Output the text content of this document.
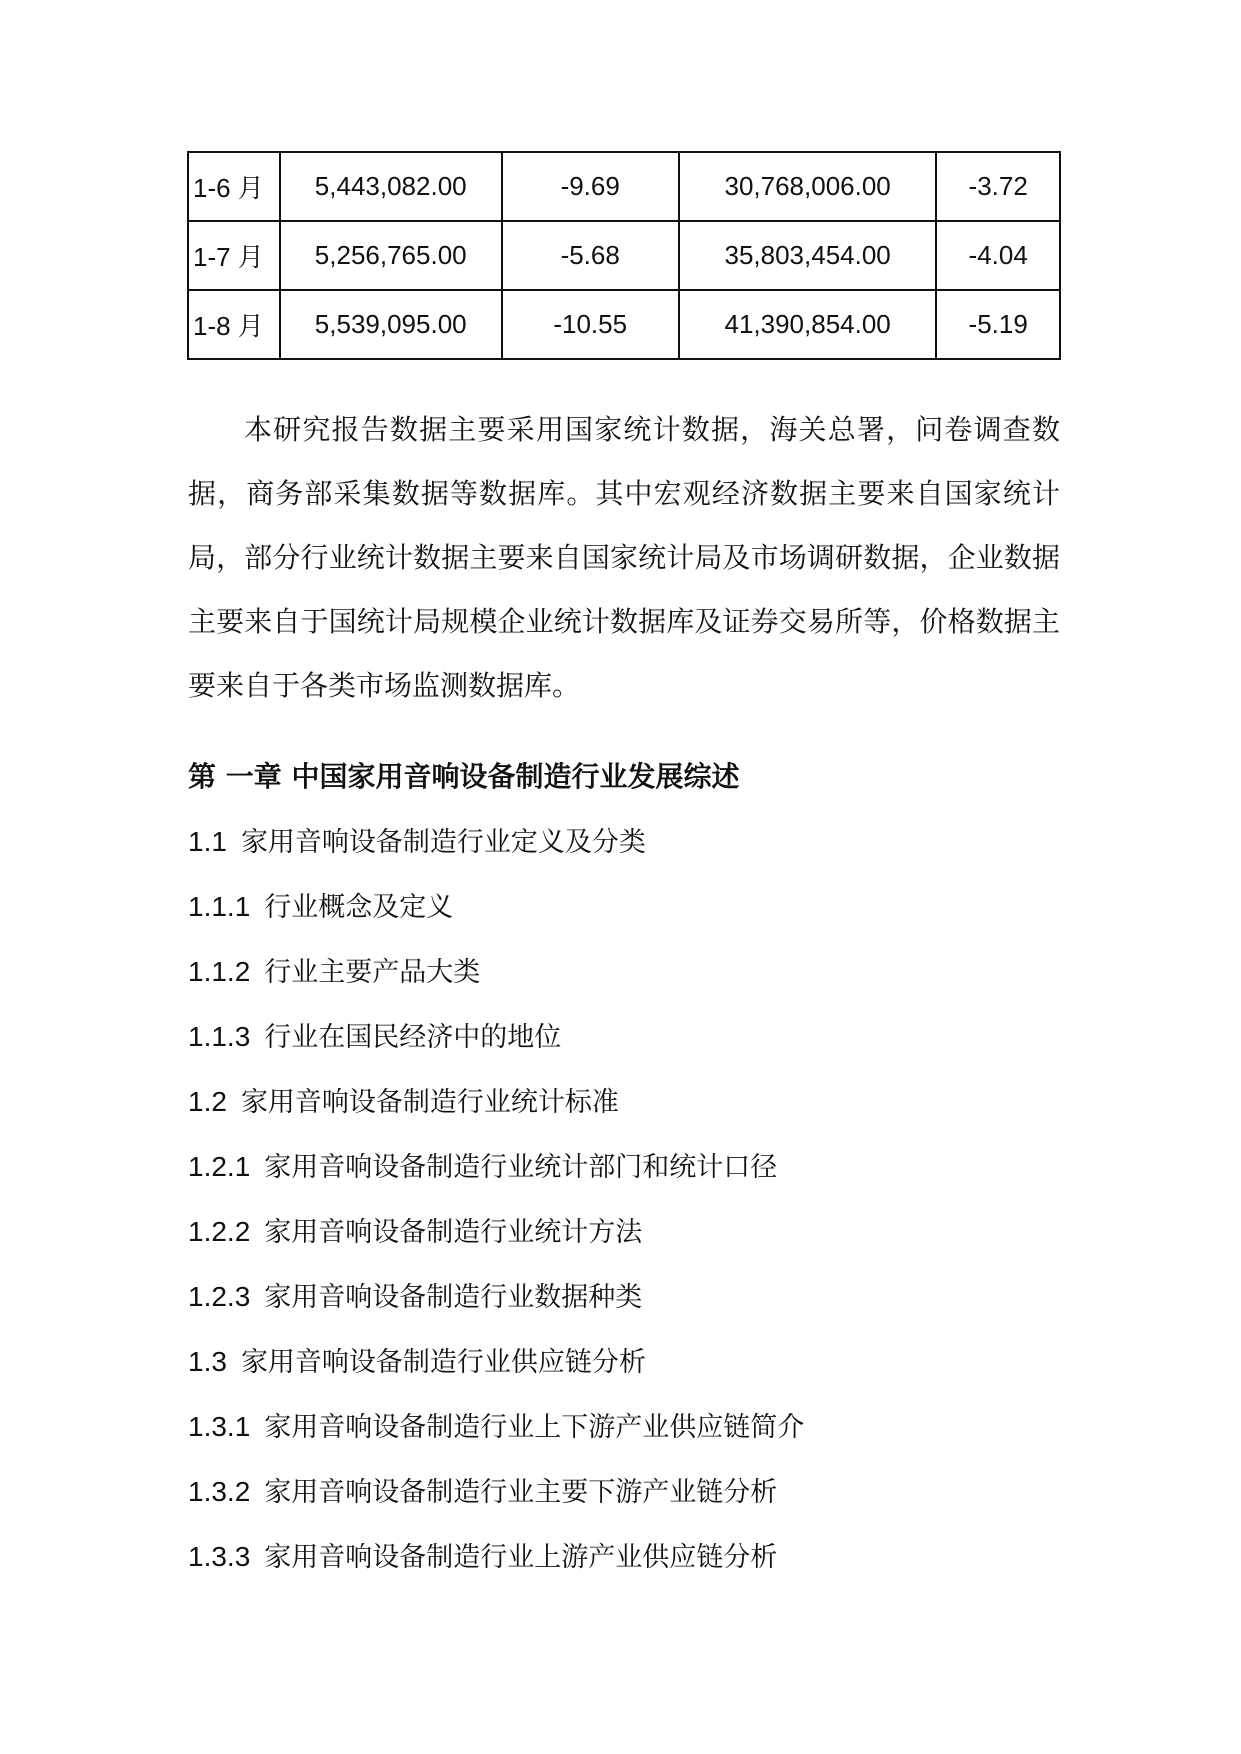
1-6 月	5,443,082.00	-9.69	30,768,006.00	-3.72
1-7 月	5,256,765.00	-5.68	35,803,454.00	-4.04
1-8 月	5,539,095.00	-10.55	41,390,854.00	-5.19

本研究报告数据主要采用国家统计数据，海关总署，问卷调查数据，商务部采集数据等数据库。其中宏观经济数据主要来自国家统计局，部分行业统计数据主要来自国家统计局及市场调研数据，企业数据主要来自于国统计局规模企业统计数据库及证券交易所等，价格数据主要来自于各类市场监测数据库。

第 一章 中国家用音响设备制造行业发展综述
1.1 家用音响设备制造行业定义及分类
1.1.1 行业概念及定义
1.1.2 行业主要产品大类
1.1.3 行业在国民经济中的地位
1.2 家用音响设备制造行业统计标准
1.2.1 家用音响设备制造行业统计部门和统计口径
1.2.2 家用音响设备制造行业统计方法
1.2.3 家用音响设备制造行业数据种类
1.3 家用音响设备制造行业供应链分析
1.3.1 家用音响设备制造行业上下游产业供应链简介
1.3.2 家用音响设备制造行业主要下游产业链分析
1.3.3 家用音响设备制造行业上游产业供应链分析
